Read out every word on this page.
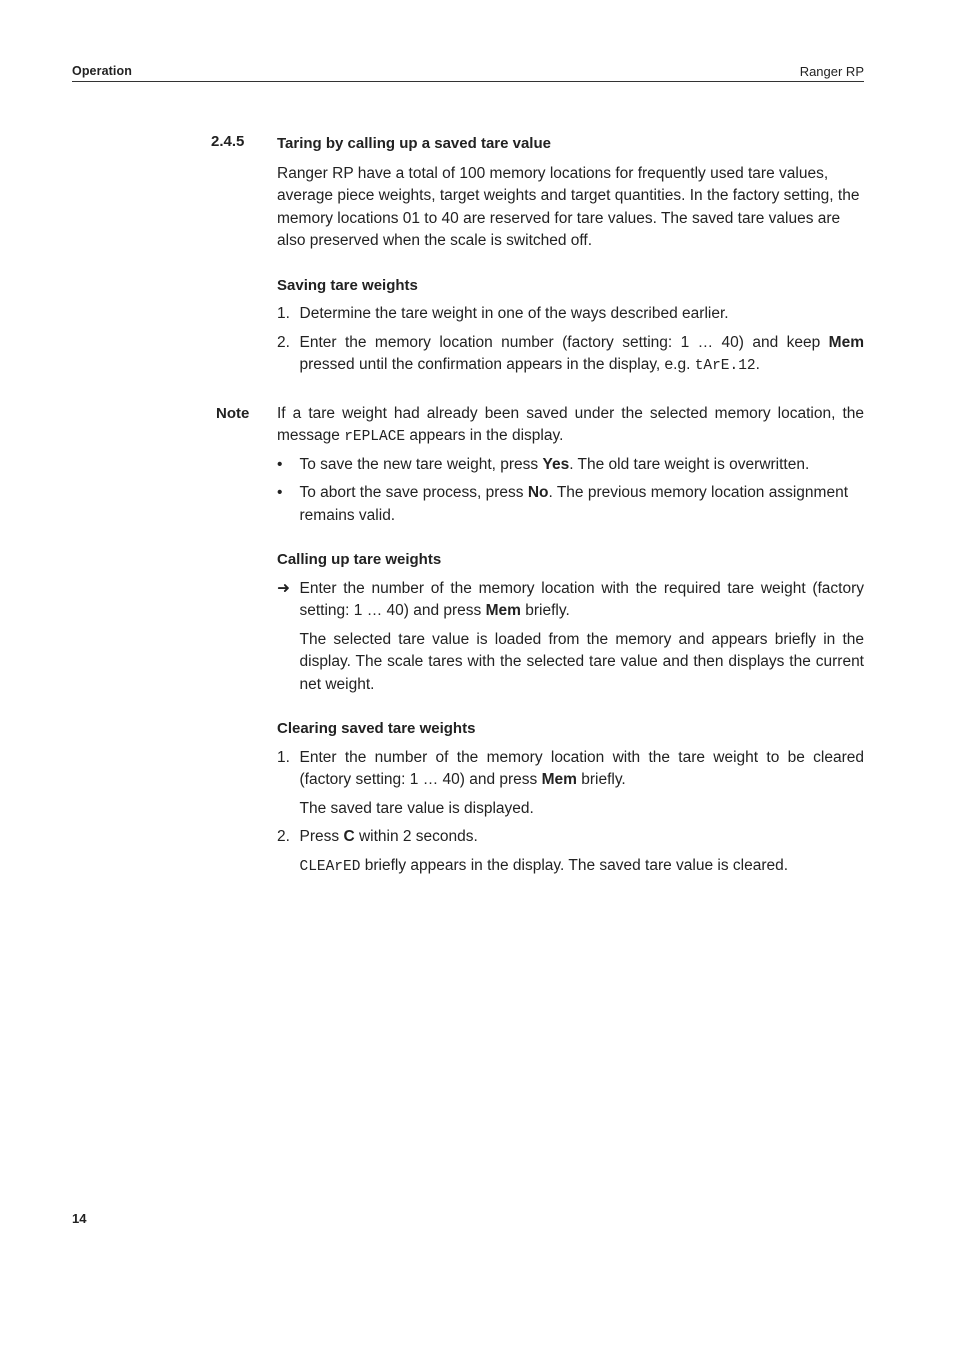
Operation	Ranger RP
2.4.5 Taring by calling up a saved tare value

Ranger RP have a total of 100 memory locations for frequently used tare values, average piece weights, target weights and target quantities. In the factory setting, the memory locations 01 to 40 are reserved for tare values. The saved tare values are also preserved when the scale is switched off.

Saving tare weights
1. Determine the tare weight in one of the ways described earlier.
2. Enter the memory location number (factory setting: 1 … 40) and keep Mem pressed until the confirmation appears in the display, e.g. tArE.12.
Note If a tare weight had already been saved under the selected memory location, the message rEPLACE appears in the display.

• To save the new tare weight, press Yes. The old tare weight is overwritten.
• To abort the save process, press No. The previous memory location assignment remains valid.
Calling up tare weights
➜ Enter the number of the memory location with the required tare weight (factory setting: 1 … 40) and press Mem briefly.

The selected tare value is loaded from the memory and appears briefly in the display. The scale tares with the selected tare value and then displays the current net weight.

Clearing saved tare weights
1. Enter the number of the memory location with the tare weight to be cleared (factory setting: 1 … 40) and press Mem briefly.

The saved tare value is displayed.

2. Press C within 2 seconds.

CLEArED briefly appears in the display. The saved tare value is cleared.

14
